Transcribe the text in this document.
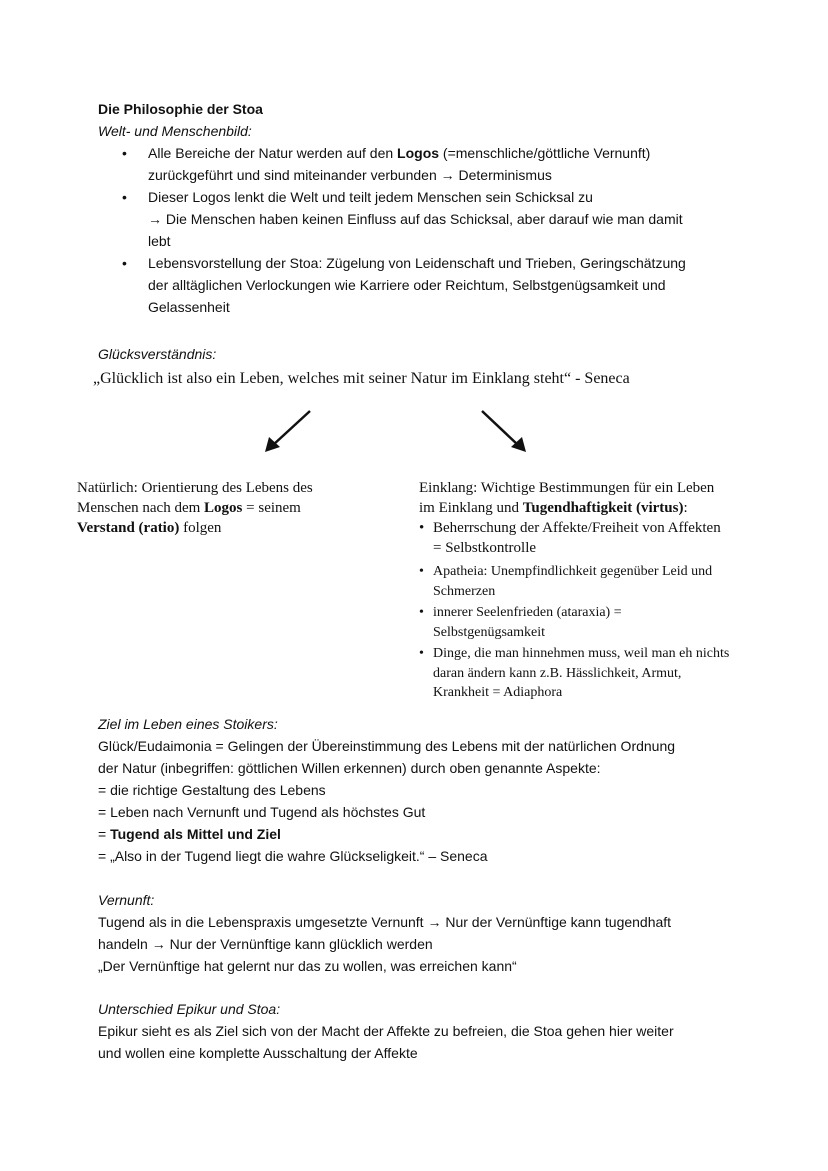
Die Philosophie der Stoa
Welt- und Menschenbild:
• Alle Bereiche der Natur werden auf den Logos (=menschliche/göttliche Vernunft)
zurückgeführt und sind miteinander verbunden → Determinismus
• Dieser Logos lenkt die Welt und teilt jedem Menschen sein Schicksal zu
→ Die Menschen haben keinen Einfluss auf das Schicksal, aber darauf wie man damit
lebt
• Lebensvorstellung der Stoa: Zügelung von Leidenschaft und Trieben, Geringschätzung
der alltäglichen Verlockungen wie Karriere oder Reichtum, Selbstgenügsamkeit und
Gelassenheit
Glücksverständnis:
„Glücklich ist also ein Leben, welches mit seiner Natur im Einklang steht“ - Seneca
Natürlich: Orientierung des Lebens des
Menschen nach dem Logos = seinem
Verstand (ratio) folgen
Einklang: Wichtige Bestimmungen für ein Leben
im Einklang und Tugendhaftigkeit (virtus):
• Beherrschung der Affekte/Freiheit von Affekten
= Selbstkontrolle
• Apatheia: Unempfindlichkeit gegenüber Leid und
Schmerzen
• innerer Seelenfrieden (ataraxia) =
Selbstgenügsamkeit
• Dinge, die man hinnehmen muss, weil man eh nichts
daran ändern kann z.B. Hässlichkeit, Armut,
Krankheit = Adiaphora
Ziel im Leben eines Stoikers:
Glück/Eudaimonia = Gelingen der Übereinstimmung des Lebens mit der natürlichen Ordnung
der Natur (inbegriffen: göttlichen Willen erkennen) durch oben genannte Aspekte:
= die richtige Gestaltung des Lebens
= Leben nach Vernunft und Tugend als höchstes Gut
= Tugend als Mittel und Ziel
= „Also in der Tugend liegt die wahre Glückseligkeit.“ – Seneca
Vernunft:
Tugend als in die Lebenspraxis umgesetzte Vernunft → Nur der Vernünftige kann tugendhaft
handeln → Nur der Vernünftige kann glücklich werden
„Der Vernünftige hat gelernt nur das zu wollen, was erreichen kann“
Unterschied Epikur und Stoa:
Epikur sieht es als Ziel sich von der Macht der Affekte zu befreien, die Stoa gehen hier weiter
und wollen eine komplette Ausschaltung der Affekte
